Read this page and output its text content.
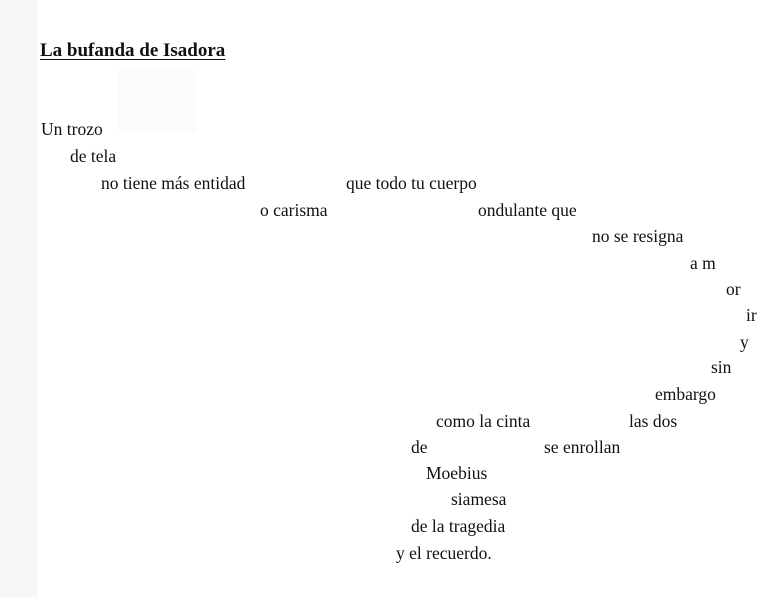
La bufanda de Isadora
Un trozo
de tela
no tiene más entidad	que todo tu cuerpo
o carisma	ondulante que
no se resigna
a m
or
ir
y
sin
embargo
como la cinta	las dos
de	se enrollan
Moebius
siamesa
de la tragedia
y el recuerdo.
